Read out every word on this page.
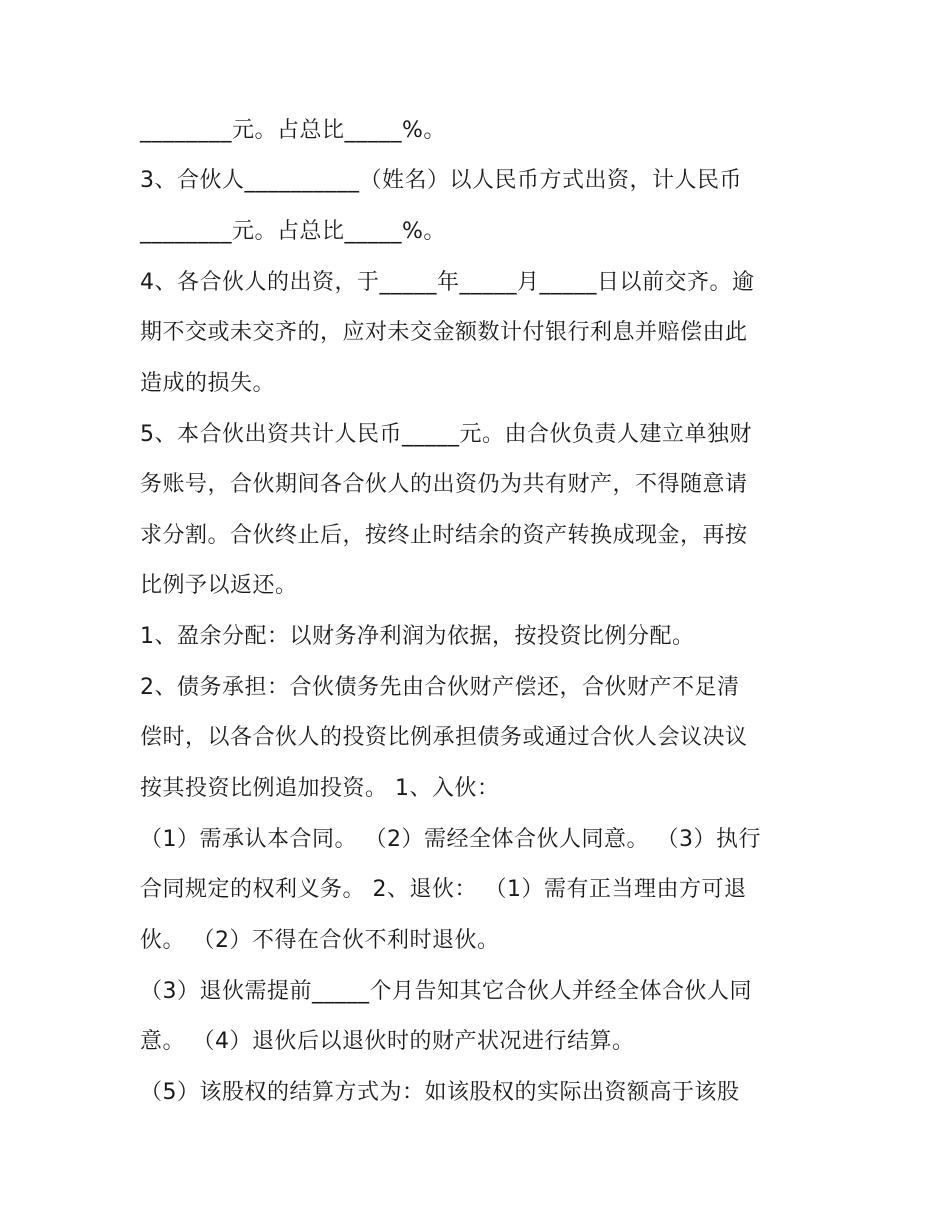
________元。占总比_____%。
3、合伙人__________（姓名）以人民币方式出资，计人民币
________元。占总比_____%。
4、各合伙人的出资，于_____年_____月_____日以前交齐。逾
期不交或未交齐的，应对未交金额数计付银行利息并赔偿由此
造成的损失。
5、本合伙出资共计人民币_____元。由合伙负责人建立单独财
务账号，合伙期间各合伙人的出资仍为共有财产，不得随意请
求分割。合伙终止后，按终止时结余的资产转换成现金，再按
比例予以返还。
1、盈余分配：以财务净利润为依据，按投资比例分配。
2、债务承担：合伙债务先由合伙财产偿还，合伙财产不足清
偿时，以各合伙人的投资比例承担债务或通过合伙人会议决议
按其投资比例追加投资。 1、入伙：
（1）需承认本合同。 （2）需经全体合伙人同意。 （3）执行
合同规定的权利义务。 2、退伙： （1）需有正当理由方可退
伙。 （2）不得在合伙不利时退伙。
（3）退伙需提前_____个月告知其它合伙人并经全体合伙人同
意。 （4）退伙后以退伙时的财产状况进行结算。
（5）该股权的结算方式为：如该股权的实际出资额高于该股
